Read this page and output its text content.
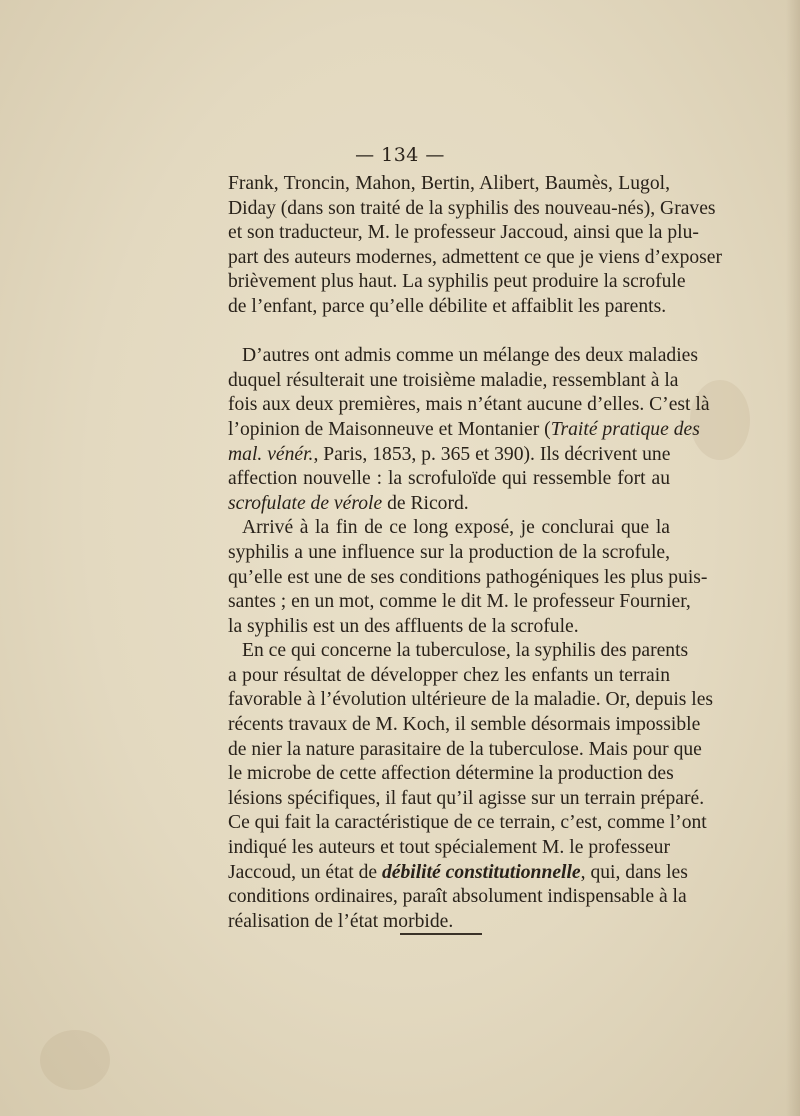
— 134 —
Frank, Troncin, Mahon, Bertin, Alibert, Baumès, Lugol,
Diday (dans son traité de la syphilis des nouveau-nés), Graves
et son traducteur, M. le professeur Jaccoud, ainsi que la plu-
part des auteurs modernes, admettent ce que je viens d’exposer
brièvement plus haut. La syphilis peut produire la scrofule
de l’enfant, parce qu’elle débilite et affaiblit les parents.
D’autres ont admis comme un mélange des deux maladies
duquel résulterait une troisième maladie, ressemblant à la
fois aux deux premières, mais n’étant aucune d’elles. C’est là
l’opinion de Maisonneuve et Montanier (Traité pratique des
mal. vénér., Paris, 1853, p. 365 et 390). Ils décrivent une
affection nouvelle : la scrofuloïde qui ressemble fort au
scrofulate de vérole de Ricord.
Arrivé à la fin de ce long exposé, je conclurai que la
syphilis a une influence sur la production de la scrofule,
qu’elle est une de ses conditions pathogéniques les plus puis-
santes ; en un mot, comme le dit M. le professeur Fournier,
la syphilis est un des affluents de la scrofule.
En ce qui concerne la tuberculose, la syphilis des parents
a pour résultat de développer chez les enfants un terrain
favorable à l’évolution ultérieure de la maladie. Or, depuis les
récents travaux de M. Koch, il semble désormais impossible
de nier la nature parasitaire de la tuberculose. Mais pour que
le microbe de cette affection détermine la production des
lésions spécifiques, il faut qu’il agisse sur un terrain préparé.
Ce qui fait la caractéristique de ce terrain, c’est, comme l’ont
indiqué les auteurs et tout spécialement M. le professeur
Jaccoud, un état de débilité constitutionnelle, qui, dans les
conditions ordinaires, paraît absolument indispensable à la
réalisation de l’état morbide.
